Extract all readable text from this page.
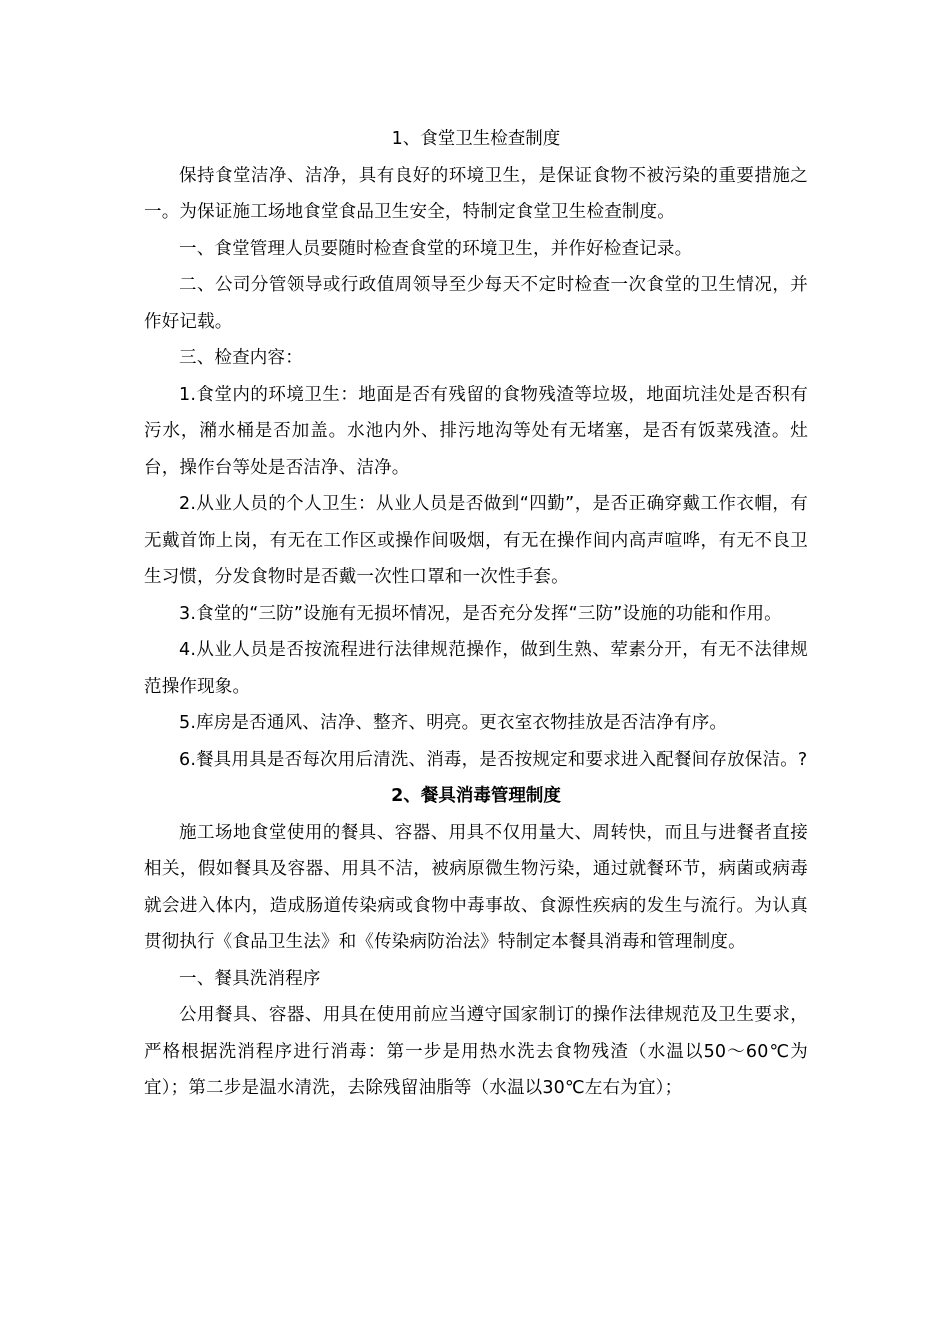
1、食堂卫生检查制度

保持食堂洁净、洁净，具有良好的环境卫生，是保证食物不被污染的重要措施之一。为保证施工场地食堂食品卫生安全，特制定食堂卫生检查制度。

一、食堂管理人员要随时检查食堂的环境卫生，并作好检查记录。

二、公司分管领导或行政值周领导至少每天不定时检查一次食堂的卫生情况，并作好记载。

三、检查内容：

1.食堂内的环境卫生：地面是否有残留的食物残渣等垃圾，地面坑洼处是否积有污水，潲水桶是否加盖。水池内外、排污地沟等处有无堵塞，是否有饭菜残渣。灶台，操作台等处是否洁净、洁净。

2.从业人员的个人卫生：从业人员是否做到“四勤”，是否正确穿戴工作衣帽，有无戴首饰上岗，有无在工作区或操作间吸烟，有无在操作间内高声喧哗，有无不良卫生习惯，分发食物时是否戴一次性口罩和一次性手套。

3.食堂的“三防”设施有无损坏情况，是否充分发挥“三防”设施的功能和作用。

4.从业人员是否按流程进行法律规范操作，做到生熟、荤素分开，有无不法律规范操作现象。

5.库房是否通风、洁净、整齐、明亮。更衣室衣物挂放是否洁净有序。

6.餐具用具是否每次用后清洗、消毒，是否按规定和要求进入配餐间存放保洁。?

2、餐具消毒管理制度

施工场地食堂使用的餐具、容器、用具不仅用量大、周转快，而且与进餐者直接相关，假如餐具及容器、用具不洁，被病原微生物污染，通过就餐环节，病菌或病毒就会进入体内，造成肠道传染病或食物中毒事故、食源性疾病的发生与流行。为认真贯彻执行《食品卫生法》和《传染病防治法》特制定本餐具消毒和管理制度。

一、餐具洗消程序

公用餐具、容器、用具在使用前应当遵守国家制订的操作法律规范及卫生要求，严格根据洗消程序进行消毒：第一步是用热水洗去食物残渣（水温以50～60℃为宜）；第二步是温水清洗，去除残留油脂等（水温以30℃左右为宜）；
